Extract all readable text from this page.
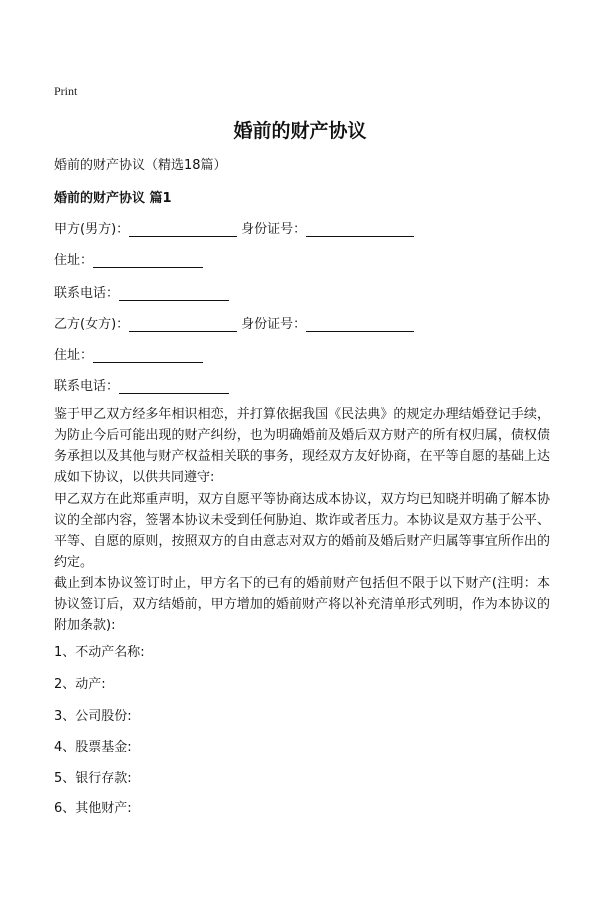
Print
婚前的财产协议
婚前的财产协议（精选18篇）
婚前的财产协议 篇1
甲方(男方)：	身份证号：
住址：
联系电话：
乙方(女方)：	身份证号：
住址：
联系电话：

鉴于甲乙双方经多年相识相恋，并打算依据我国《民法典》的规定办理结婚登记手续，为防止今后可能出现的财产纠纷，也为明确婚前及婚后双方财产的所有权归属，债权债务承担以及其他与财产权益相关联的事务，现经双方友好协商，在平等自愿的基础上达成如下协议，以供共同遵守:

甲乙双方在此郑重声明，双方自愿平等协商达成本协议，双方均已知晓并明确了解本协议的全部内容，签署本协议未受到任何胁迫、欺诈或者压力。本协议是双方基于公平、平等、自愿的原则，按照双方的自由意志对双方的婚前及婚后财产归属等事宜所作出的约定。

截止到本协议签订时止，甲方名下的已有的婚前财产包括但不限于以下财产(注明：本协议签订后，双方结婚前，甲方增加的婚前财产将以补充清单形式列明，作为本协议的附加条款):

1、不动产名称:
2、动产:
3、公司股份:
4、股票基金:
5、银行存款:
6、其他财产:
